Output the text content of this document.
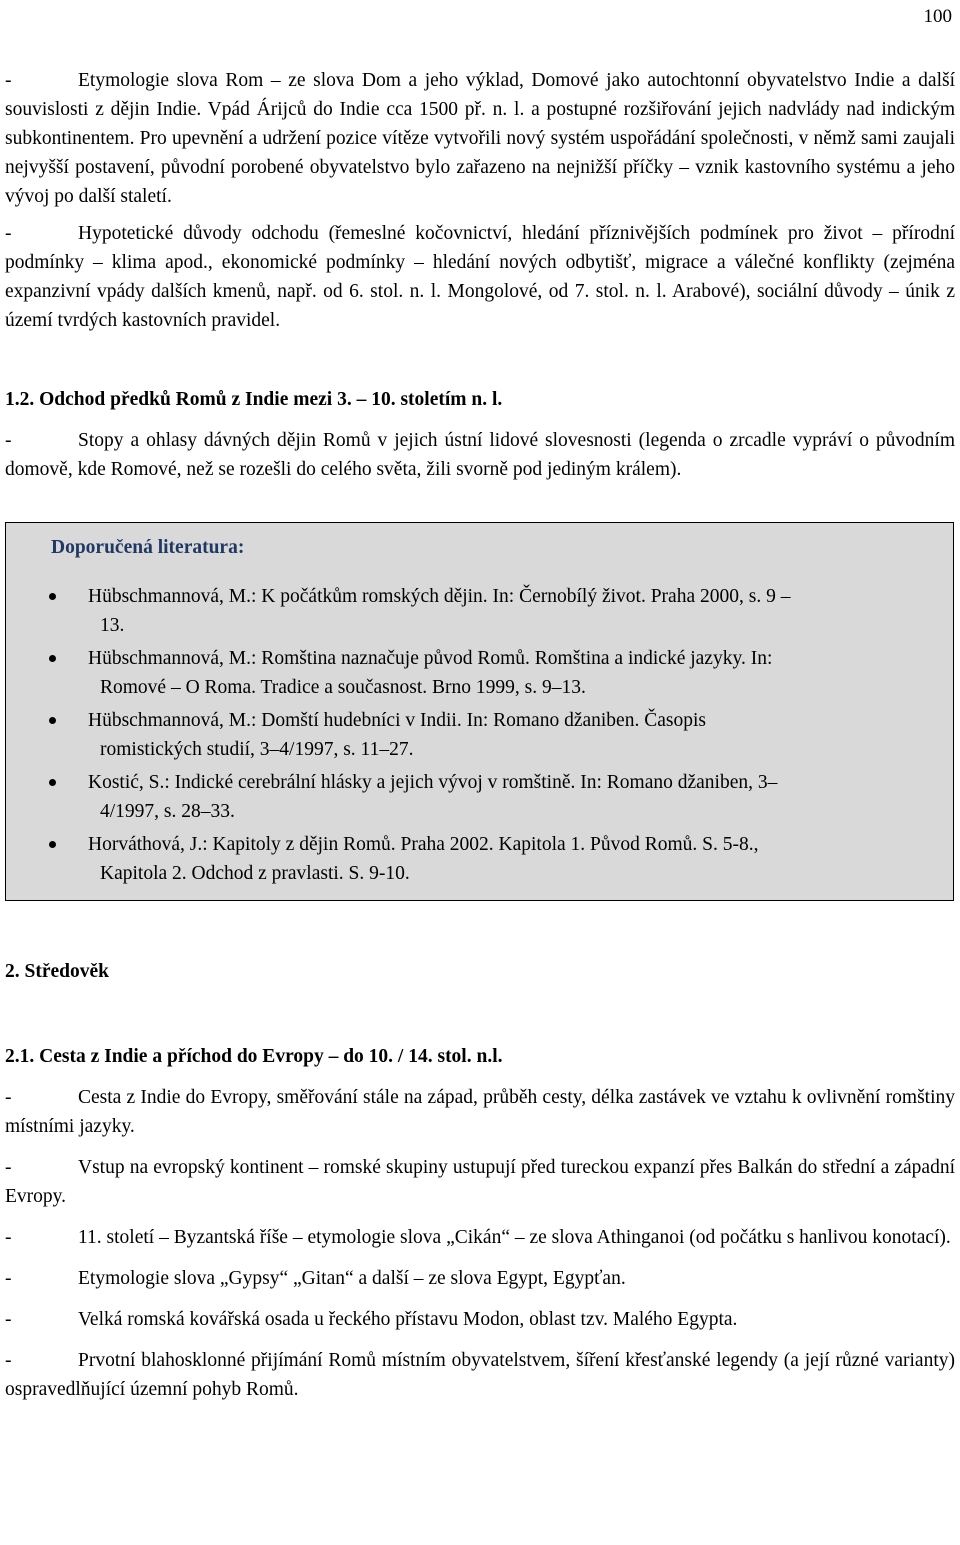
100

-	Etymologie slova Rom – ze slova Dom a jeho výklad, Domové jako autochtonní obyvatelstvo Indie a další souvislosti z dějin Indie. Vpád Árijců do Indie cca 1500 př. n. l. a postupné rozšiřování jejich nadvlády nad indickým subkontinentem. Pro upevnění a udržení pozice vítěze vytvořili nový systém uspořádání společnosti, v němž sami zaujali nejvyšší postavení, původní porobené obyvatelstvo bylo zařazeno na nejnižší příčky – vznik kastovního systému a jeho vývoj po další staletí.

-	Hypotetické důvody odchodu (řemeslné kočovnictví, hledání příznivějších podmínek pro život – přírodní podmínky – klima apod., ekonomické podmínky – hledání nových odbytišť, migrace a válečné konflikty (zejména expanzivní vpády dalších kmenů, např. od 6. stol. n. l. Mongolové, od 7. stol. n. l. Arabové), sociální důvody – únik z území tvrdých kastovních pravidel.

1.2. Odchod předků Romů z Indie mezi 3. – 10. stoletím n. l.

-	Stopy a ohlasy dávných dějin Romů v jejich ústní lidové slovesnosti (legenda o zrcadle vypráví o původním domově, kde Romové, než se rozešli do celého světa, žili svorně pod jediným králem).

Doporučená literatura:

Hübschmannová, M.: K počátkům romských dějin. In: Černobílý život. Praha 2000, s. 9 –
13.
Hübschmannová, M.: Romština naznačuje původ Romů. Romština a indické jazyky. In:
Romové – O Roma. Tradice a současnost. Brno 1999, s. 9–13.
Hübschmannová, M.: Domští hudebníci v Indii. In: Romano džaniben. Časopis
romistických studií, 3–4/1997, s. 11–27.
Kostić, S.: Indické cerebrální hlásky a jejich vývoj v romštině. In: Romano džaniben, 3–
4/1997, s. 28–33.
Horváthová, J.: Kapitoly z dějin Romů. Praha 2002. Kapitola 1. Původ Romů. S. 5-8.,
Kapitola 2. Odchod z pravlasti. S. 9-10.

2. Středověk

2.1. Cesta z Indie a příchod do Evropy – do 10. / 14. stol. n.l.

-	Cesta z Indie do Evropy, směřování stále na západ, průběh cesty, délka zastávek ve vztahu k ovlivnění romštiny místními jazyky.

-	Vstup na evropský kontinent – romské skupiny ustupují před tureckou expanzí přes Balkán do střední a západní Evropy.

-	11. století – Byzantská říše – etymologie slova „Cikán“ – ze slova Athinganoi (od počátku s hanlivou konotací).

-	Etymologie slova „Gypsy“ „Gitan“ a další – ze slova Egypt, Egypťan.

-	Velká romská kovářská osada u řeckého přístavu Modon, oblast tzv. Malého Egypta.

-	Prvotní blahosklonné přijímání Romů místním obyvatelstvem, šíření křesťanské legendy (a její různé varianty) ospravedlňující územní pohyb Romů.
